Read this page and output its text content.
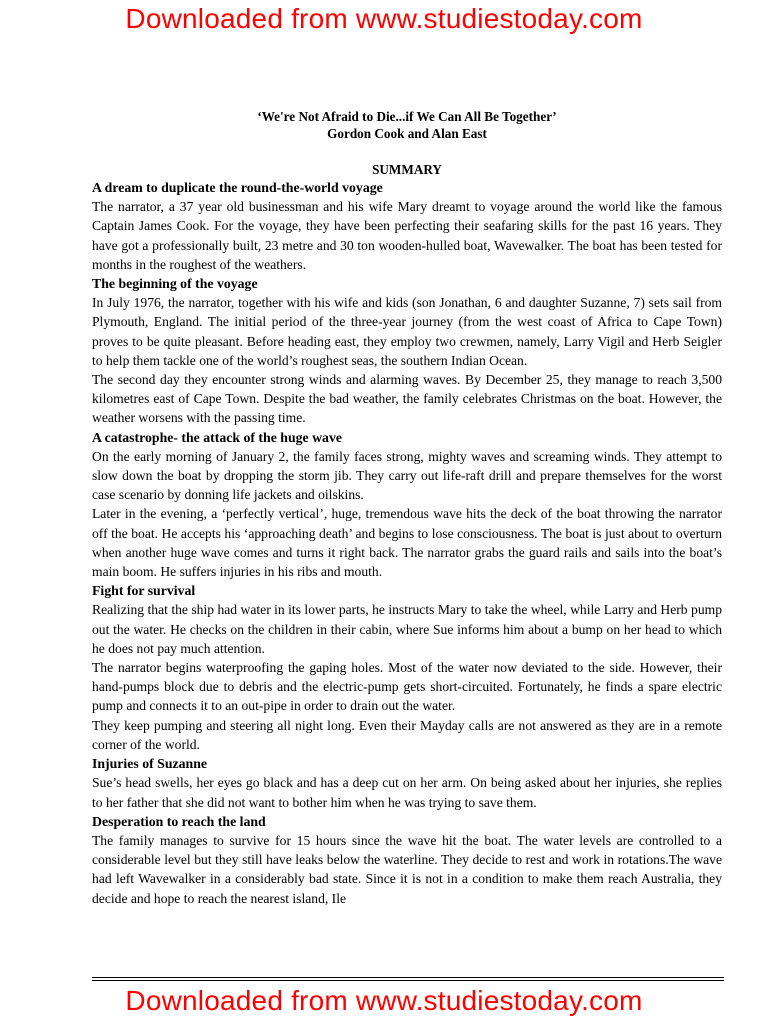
Downloaded from www.studiestoday.com
‘We're Not Afraid to Die...if We Can All Be Together’
Gordon Cook and Alan East
SUMMARY
A dream to duplicate the round-the-world voyage

The narrator, a 37 year old businessman and his wife Mary dreamt to voyage around the world like the famous Captain James Cook. For the voyage, they have been perfecting their seafaring skills for the past 16 years. They have got a professionally built, 23 metre and 30 ton wooden-hulled boat, Wavewalker. The boat has been tested for months in the roughest of the weathers.

The beginning of the voyage

In July 1976, the narrator, together with his wife and kids (son Jonathan, 6 and daughter Suzanne, 7) sets sail from Plymouth, England. The initial period of the three-year journey (from the west coast of Africa to Cape Town) proves to be quite pleasant. Before heading east, they employ two crewmen, namely, Larry Vigil and Herb Seigler to help them tackle one of the world’s roughest seas, the southern Indian Ocean.

The second day they encounter strong winds and alarming waves. By December 25, they manage to reach 3,500 kilometres east of Cape Town. Despite the bad weather, the family celebrates Christmas on the boat. However, the weather worsens with the passing time.

A catastrophe- the attack of the huge wave

On the early morning of January 2, the family faces strong, mighty waves and screaming winds. They attempt to slow down the boat by dropping the storm jib. They carry out life-raft drill and prepare themselves for the worst case scenario by donning life jackets and oilskins.

Later in the evening, a ‘perfectly vertical’, huge, tremendous wave hits the deck of the boat throwing the narrator off the boat. He accepts his ‘approaching death’ and begins to lose consciousness. The boat is just about to overturn when another huge wave comes and turns it right back. The narrator grabs the guard rails and sails into the boat’s main boom. He suffers injuries in his ribs and mouth.

Fight for survival

Realizing that the ship had water in its lower parts, he instructs Mary to take the wheel, while Larry and Herb pump out the water. He checks on the children in their cabin, where Sue informs him about a bump on her head to which he does not pay much attention.

The narrator begins waterproofing the gaping holes. Most of the water now deviated to the side. However, their hand-pumps block due to debris and the electric-pump gets short-circuited. Fortunately, he finds a spare electric pump and connects it to an out-pipe in order to drain out the water.

They keep pumping and steering all night long. Even their Mayday calls are not answered as they are in a remote corner of the world.

Injuries of Suzanne

Sue’s head swells, her eyes go black and has a deep cut on her arm. On being asked about her injuries, she replies to her father that she did not want to bother him when he was trying to save them.

Desperation to reach the land

The family manages to survive for 15 hours since the wave hit the boat. The water levels are controlled to a considerable level but they still have leaks below the waterline. They decide to rest and work in rotations.The wave had left Wavewalker in a considerably bad state. Since it is not in a condition to make them reach Australia, they decide and hope to reach the nearest island, Ile

Downloaded from www.studiestoday.com
